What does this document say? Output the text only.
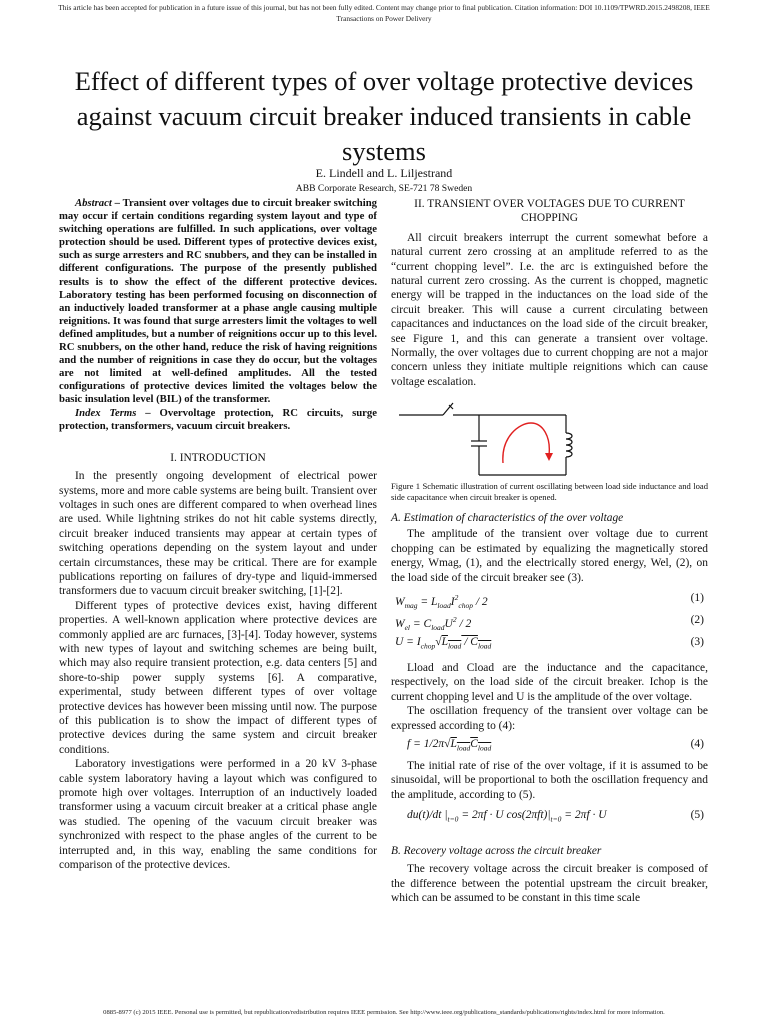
This article has been accepted for publication in a future issue of this journal, but has not been fully edited. Content may change prior to final publication. Citation information: DOI 10.1109/TPWRD.2015.2498208, IEEE
Transactions on Power Delivery
Effect of different types of over voltage protective devices against vacuum circuit breaker induced transients in cable systems
E. Lindell and L. Liljestrand
ABB Corporate Research, SE-721 78 Sweden

Abstract – Transient over voltages due to circuit breaker switching may occur if certain conditions regarding system layout and type of switching operations are fulfilled. In such applications, over voltage protection should be used. Different types of protective devices exist, such as surge arresters and RC snubbers, and they can be installed in different configurations. The purpose of the presently published results is to show the effect of the different protective devices. Laboratory testing has been performed focusing on disconnection of an inductively loaded transformer at a phase angle causing multiple reignitions. It was found that surge arresters limit the voltages to well defined amplitudes, but a number of reignitions occur up to this level. RC snubbers, on the other hand, reduce the risk of having reignitions and the number of reignitions in case they do occur, but the voltages are not limited at well-defined amplitudes. All the tested configurations of protective devices limited the voltages below the basic insulation level (BIL) of the transformer.

Index Terms – Overvoltage protection, RC circuits, surge protection, transformers, vacuum circuit breakers.

I. INTRODUCTION

In the presently ongoing development of electrical power systems, more and more cable systems are being built. Transient over voltages in such ones are different compared to when overhead lines are used. While lightning strikes do not hit cable systems directly, circuit breaker induced transients may appear at certain types of switching operations depending on the system layout and under certain circumstances, these may be critical. There are for example publications reporting on failures of dry-type and liquid-immersed transformers due to vacuum circuit breaker switching, [1]-[2].

Different types of protective devices exist, having different properties. A well-known application where protective devices are commonly applied are arc furnaces, [3]-[4]. Today however, systems with new types of layout and switching schemes are being built, which may also require transient protection, e.g. data centers [5] and shore-to-ship power supply systems [6]. A comparative, experimental, study between different types of over voltage protective devices has however been missing until now. The purpose of this publication is to show the impact of different types of protective devices during the same system and circuit breaker conditions.

Laboratory investigations were performed in a 20 kV 3-phase cable system laboratory having a layout which was configured to promote high over voltages. Interruption of an inductively loaded transformer using a vacuum circuit breaker at a critical phase angle was studied. The opening of the vacuum circuit breaker was synchronized with respect to the phase angles of the current to be interrupted and, in this way, enabling the same conditions for comparison of the protective devices.

II. TRANSIENT OVER VOLTAGES DUE TO CURRENT CHOPPING

All circuit breakers interrupt the current somewhat before a natural current zero crossing at an amplitude referred to as the “current chopping level”. I.e. the arc is extinguished before the natural current zero crossing. As the current is chopped, magnetic energy will be trapped in the inductances on the load side of the circuit breaker. This will cause a current circulating between capacitances and inductances on the load side of the circuit breaker, see Figure 1, and this can generate a transient over voltage. Normally, the over voltages due to current chopping are not a major concern unless they initiate multiple reignitions which can cause voltage escalation.

Figure 1 Schematic illustration of current oscillating between load side inductance and load side capacitance when circuit breaker is opened.

A. Estimation of characteristics of the over voltage

The amplitude of the transient over voltage due to current chopping can be estimated by equalizing the magnetically stored energy, Wmag, (1), and the electrically stored energy, Wel, (2), on the load side of the circuit breaker see (3).

$W_{mag} = L_{load}I^2_{chop} / 2$	(1)
$W_{el} = C_{load}U^2 / 2$	(2)
$U = I_{chop}√L_{load} / C_{load}$	(3)

Lload and Cload are the inductance and the capacitance, respectively, on the load side of the circuit breaker. Ichop is the current chopping level and U is the amplitude of the over voltage.

The oscillation frequency of the transient over voltage can be expressed according to (4):

$f = 1/2\pi√L_{load}C_{load}$	(4)

The initial rate of rise of the over voltage, if it is assumed to be sinusoidal, will be proportional to both the oscillation frequency and the amplitude, according to (5).

du(t)/dt $|_{t=0} = 2\pi f \cdot U$ $\cos(2\pi ft)|_{t=0} = 2\pi f \cdot U$	(5)

B. Recovery voltage across the circuit breaker

The recovery voltage across the circuit breaker is composed of the difference between the potential upstream the circuit breaker, which can be assumed to be constant in this time scale

0885-8977 (c) 2015 IEEE. Personal use is permitted, but republication/redistribution requires IEEE permission. See http://www.ieee.org/publications_standards/publications/rights/index.html for more information.
